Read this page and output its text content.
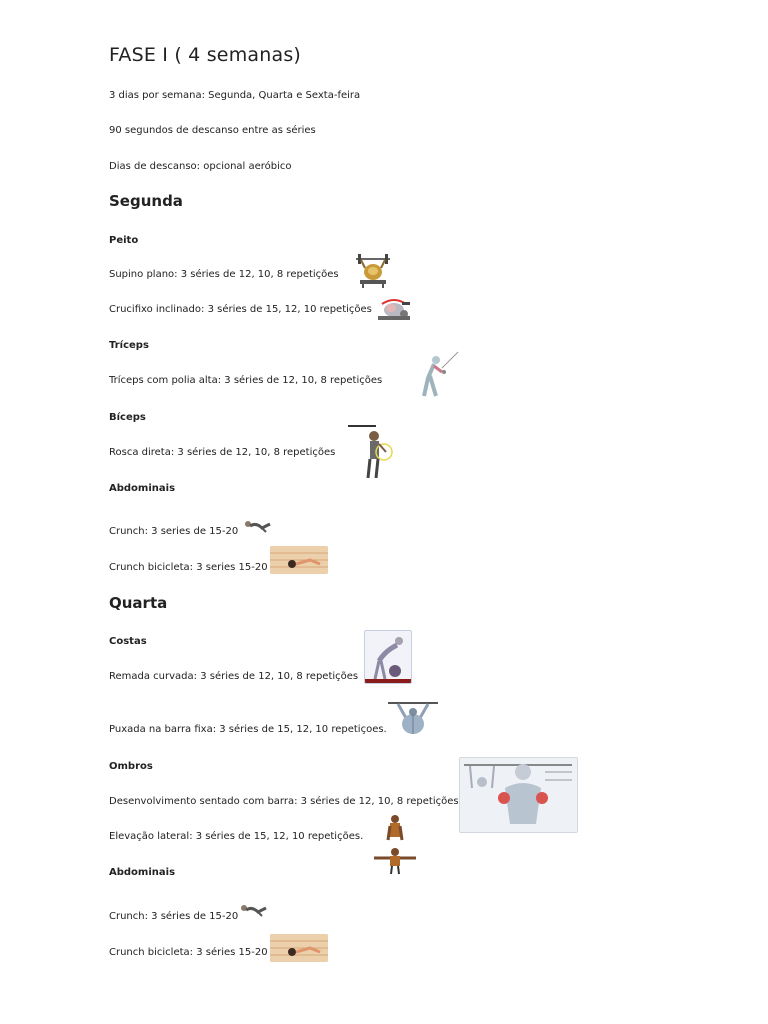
FASE I ( 4 semanas)
3 dias por semana: Segunda, Quarta e Sexta-feira
90 segundos de descanso entre as séries
Dias de descanso: opcional aeróbico
Segunda
Peito
Supino plano: 3 séries de 12, 10, 8 repetições
Crucifixo inclinado: 3 séries de 15, 12, 10 repetições
Tríceps
Tríceps com polia alta: 3 séries de 12, 10, 8 repetições
Bíceps
Rosca direta: 3 séries de 12, 10, 8 repetições
Abdominais
Crunch: 3 series de 15-20
Crunch bicicleta: 3 series 15-20
Quarta
Costas
Remada curvada: 3 séries de 12, 10, 8 repetições
Puxada na barra fixa: 3 séries de 15, 12, 10 repetiçoes.
Ombros
Desenvolvimento sentado com barra: 3 séries de 12, 10, 8 repetições
Elevação lateral: 3 séries de 15, 12, 10 repetições.
Abdominais
Crunch: 3 séries de 15-20
Crunch bicicleta: 3 séries 15-20
